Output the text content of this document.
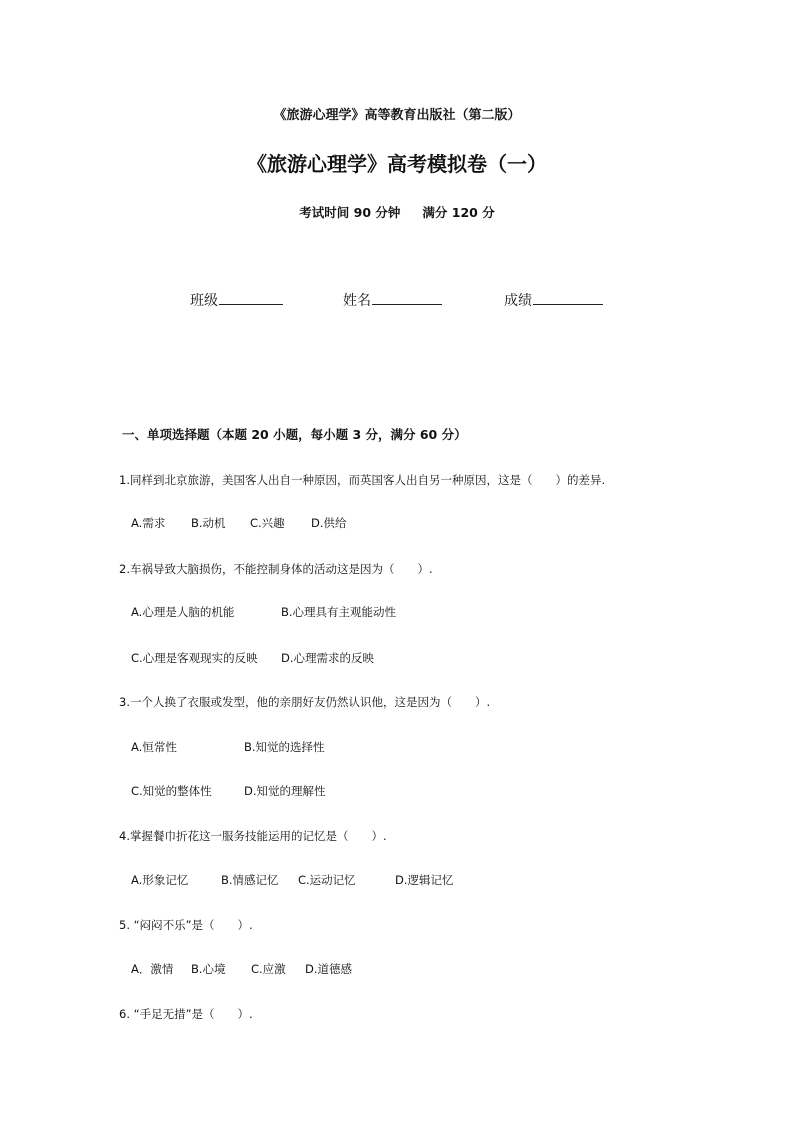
《旅游心理学》高等教育出版社（第二版）
《旅游心理学》高考模拟卷（一）
考试时间 90 分钟 满分 120 分
班级	姓名	成绩
一、单项选择题（本题 20 小题，每小题 3 分，满分 60 分）
1.同样到北京旅游，美国客人出自一种原因，而英国客人出自另一种原因，这是（　　）的差异.
A.需求 B.动机 C.兴趣 D.供给
2.车祸导致大脑损伤，不能控制身体的活动这是因为（　　）.
A.心理是人脑的机能	B.心理具有主观能动性
C.心理是客观现实的反映 D.心理需求的反映
3.一个人换了衣服或发型，他的亲朋好友仍然认识他，这是因为（　　）.
A.恒常性	B.知觉的选择性
C.知觉的整体性	D.知觉的理解性
4.掌握餐巾折花这一服务技能运用的记忆是（　　）.
A.形象记忆	B.情感记忆 C.运动记忆	D.逻辑记忆
5. “闷闷不乐”是（　　）.
A．激情 B.心境 C.应激 D.道德感
6. “手足无措”是（　　）.
